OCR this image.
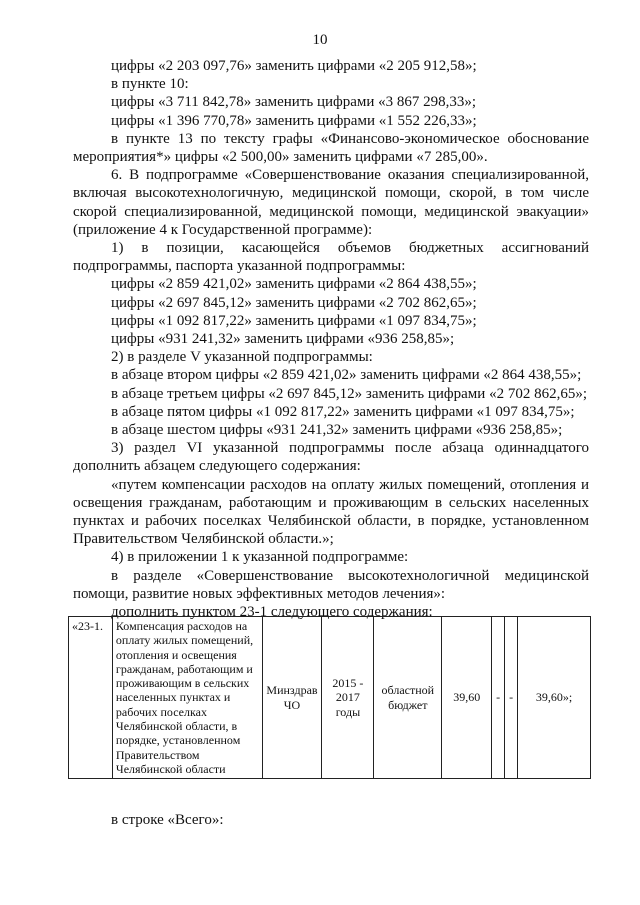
10

цифры «2 203 097,76» заменить цифрами «2 205 912,58»;

в пункте 10:

цифры «3 711 842,78» заменить цифрами «3 867 298,33»;

цифры «1 396 770,78» заменить цифрами «1 552 226,33»;

в пункте 13 по тексту графы «Финансово-экономическое обоснование мероприятия*» цифры «2 500,00» заменить цифрами «7 285,00».

6. В подпрограмме «Совершенствование оказания специализированной, включая высокотехнологичную, медицинской помощи, скорой, в том числе скорой специализированной, медицинской помощи, медицинской эвакуации» (приложение 4 к Государственной программе):

1) в позиции, касающейся объемов бюджетных ассигнований подпрограммы, паспорта указанной подпрограммы:

цифры «2 859 421,02» заменить цифрами «2 864 438,55»;

цифры «2 697 845,12» заменить цифрами «2 702 862,65»;

цифры «1 092 817,22» заменить цифрами «1 097 834,75»;

цифры «931 241,32» заменить цифрами «936 258,85»;

2) в разделе V указанной подпрограммы:

в абзаце втором цифры «2 859 421,02» заменить цифрами «2 864 438,55»;

в абзаце третьем цифры «2 697 845,12» заменить цифрами «2 702 862,65»;

в абзаце пятом цифры «1 092 817,22» заменить цифрами «1 097 834,75»;

в абзаце шестом цифры «931 241,32» заменить цифрами «936 258,85»;

3) раздел VI указанной подпрограммы после абзаца одиннадцатого дополнить абзацем следующего содержания:

«путем компенсации расходов на оплату жилых помещений, отопления и освещения гражданам, работающим и проживающим в сельских населенных пунктах и рабочих поселках Челябинской области, в порядке, установленном Правительством Челябинской области.»;

4) в приложении 1 к указанной подпрограмме:

в разделе «Совершенствование высокотехнологичной медицинской помощи, развитие новых эффективных методов лечения»:

дополнить пунктом 23-1 следующего содержания:

«23-1.	Компенсация расходов на оплату жилых помещений, отопления и освещения гражданам, работающим и проживающим в сельских населенных пунктах и рабочих поселках Челябинской области, в порядке, установленном Правительством Челябинской области	Минздрав ЧО	2015 - 2017 годы	областной бюджет	39,60	-	-	39,60»;
в строке «Всего»:
